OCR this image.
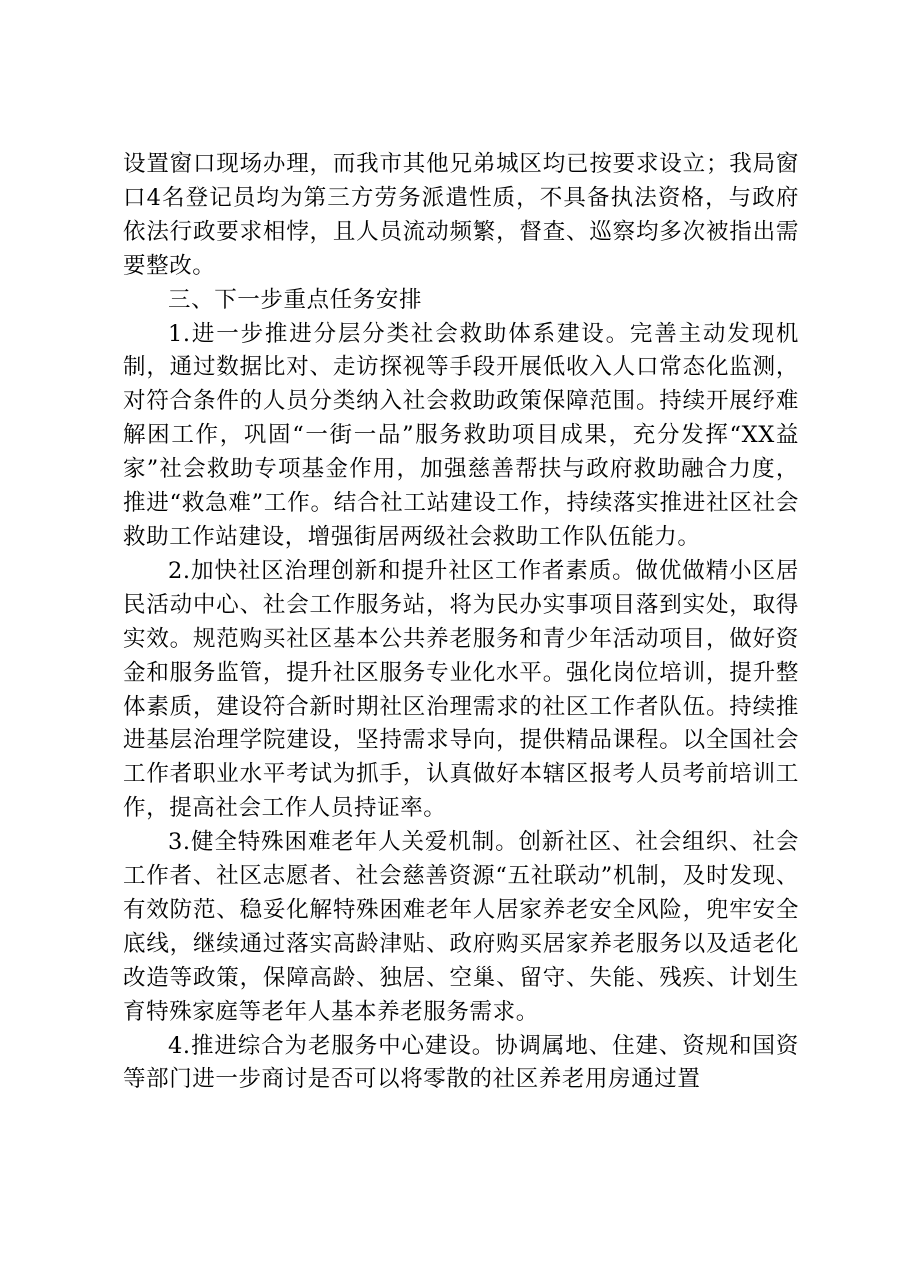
设置窗口现场办理，而我市其他兄弟城区均已按要求设立；我局窗口4名登记员均为第三方劳务派遣性质，不具备执法资格，与政府依法行政要求相悖，且人员流动频繁，督查、巡察均多次被指出需要整改。

三、下一步重点任务安排

1.进一步推进分层分类社会救助体系建设。完善主动发现机制，通过数据比对、走访探视等手段开展低收入人口常态化监测，对符合条件的人员分类纳入社会救助政策保障范围。持续开展纾难解困工作，巩固“一街一品”服务救助项目成果，充分发挥“XX益家”社会救助专项基金作用，加强慈善帮扶与政府救助融合力度，推进“救急难”工作。结合社工站建设工作，持续落实推进社区社会救助工作站建设，增强街居两级社会救助工作队伍能力。

2.加快社区治理创新和提升社区工作者素质。做优做精小区居民活动中心、社会工作服务站，将为民办实事项目落到实处，取得实效。规范购买社区基本公共养老服务和青少年活动项目，做好资金和服务监管，提升社区服务专业化水平。强化岗位培训，提升整体素质，建设符合新时期社区治理需求的社区工作者队伍。持续推进基层治理学院建设，坚持需求导向，提供精品课程。以全国社会工作者职业水平考试为抓手，认真做好本辖区报考人员考前培训工作，提高社会工作人员持证率。

3.健全特殊困难老年人关爱机制。创新社区、社会组织、社会工作者、社区志愿者、社会慈善资源“五社联动”机制，及时发现、有效防范、稳妥化解特殊困难老年人居家养老安全风险，兜牢安全底线，继续通过落实高龄津贴、政府购买居家养老服务以及适老化改造等政策，保障高龄、独居、空巢、留守、失能、残疾、计划生育特殊家庭等老年人基本养老服务需求。

4.推进综合为老服务中心建设。协调属地、住建、资规和国资等部门进一步商讨是否可以将零散的社区养老用房通过置
